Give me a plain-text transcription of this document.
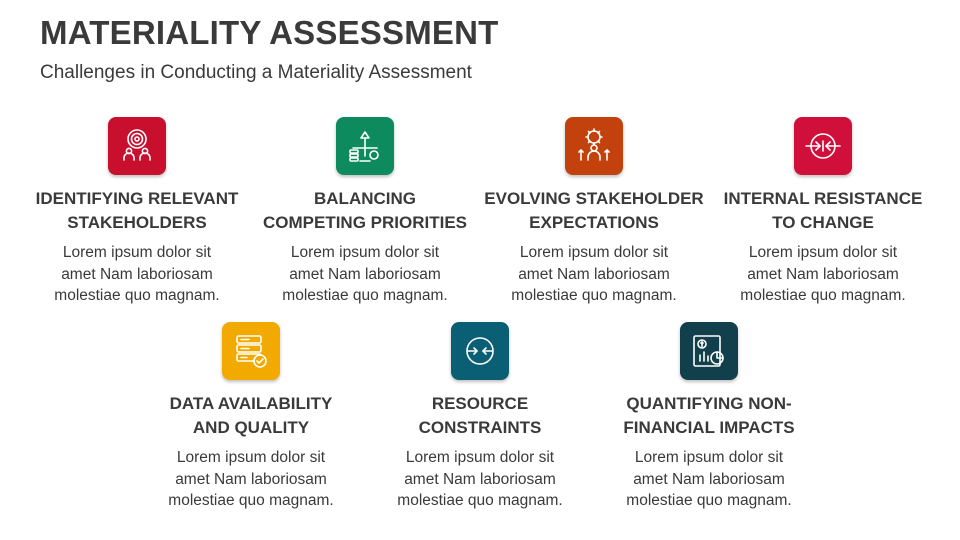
MATERIALITY ASSESSMENT
Challenges in Conducting a Materiality Assessment
IDENTIFYING RELEVANT
STAKEHOLDERS
Lorem ipsum dolor sit
amet Nam laboriosam
molestiae quo magnam.
BALANCING
COMPETING PRIORITIES
Lorem ipsum dolor sit
amet Nam laboriosam
molestiae quo magnam.
EVOLVING STAKEHOLDER
EXPECTATIONS
Lorem ipsum dolor sit
amet Nam laboriosam
molestiae quo magnam.
INTERNAL RESISTANCE
TO CHANGE
Lorem ipsum dolor sit
amet Nam laboriosam
molestiae quo magnam.
DATA AVAILABILITY
AND QUALITY
Lorem ipsum dolor sit
amet Nam laboriosam
molestiae quo magnam.
RESOURCE
CONSTRAINTS
Lorem ipsum dolor sit
amet Nam laboriosam
molestiae quo magnam.
QUANTIFYING NON-
FINANCIAL IMPACTS
Lorem ipsum dolor sit
amet Nam laboriosam
molestiae quo magnam.
